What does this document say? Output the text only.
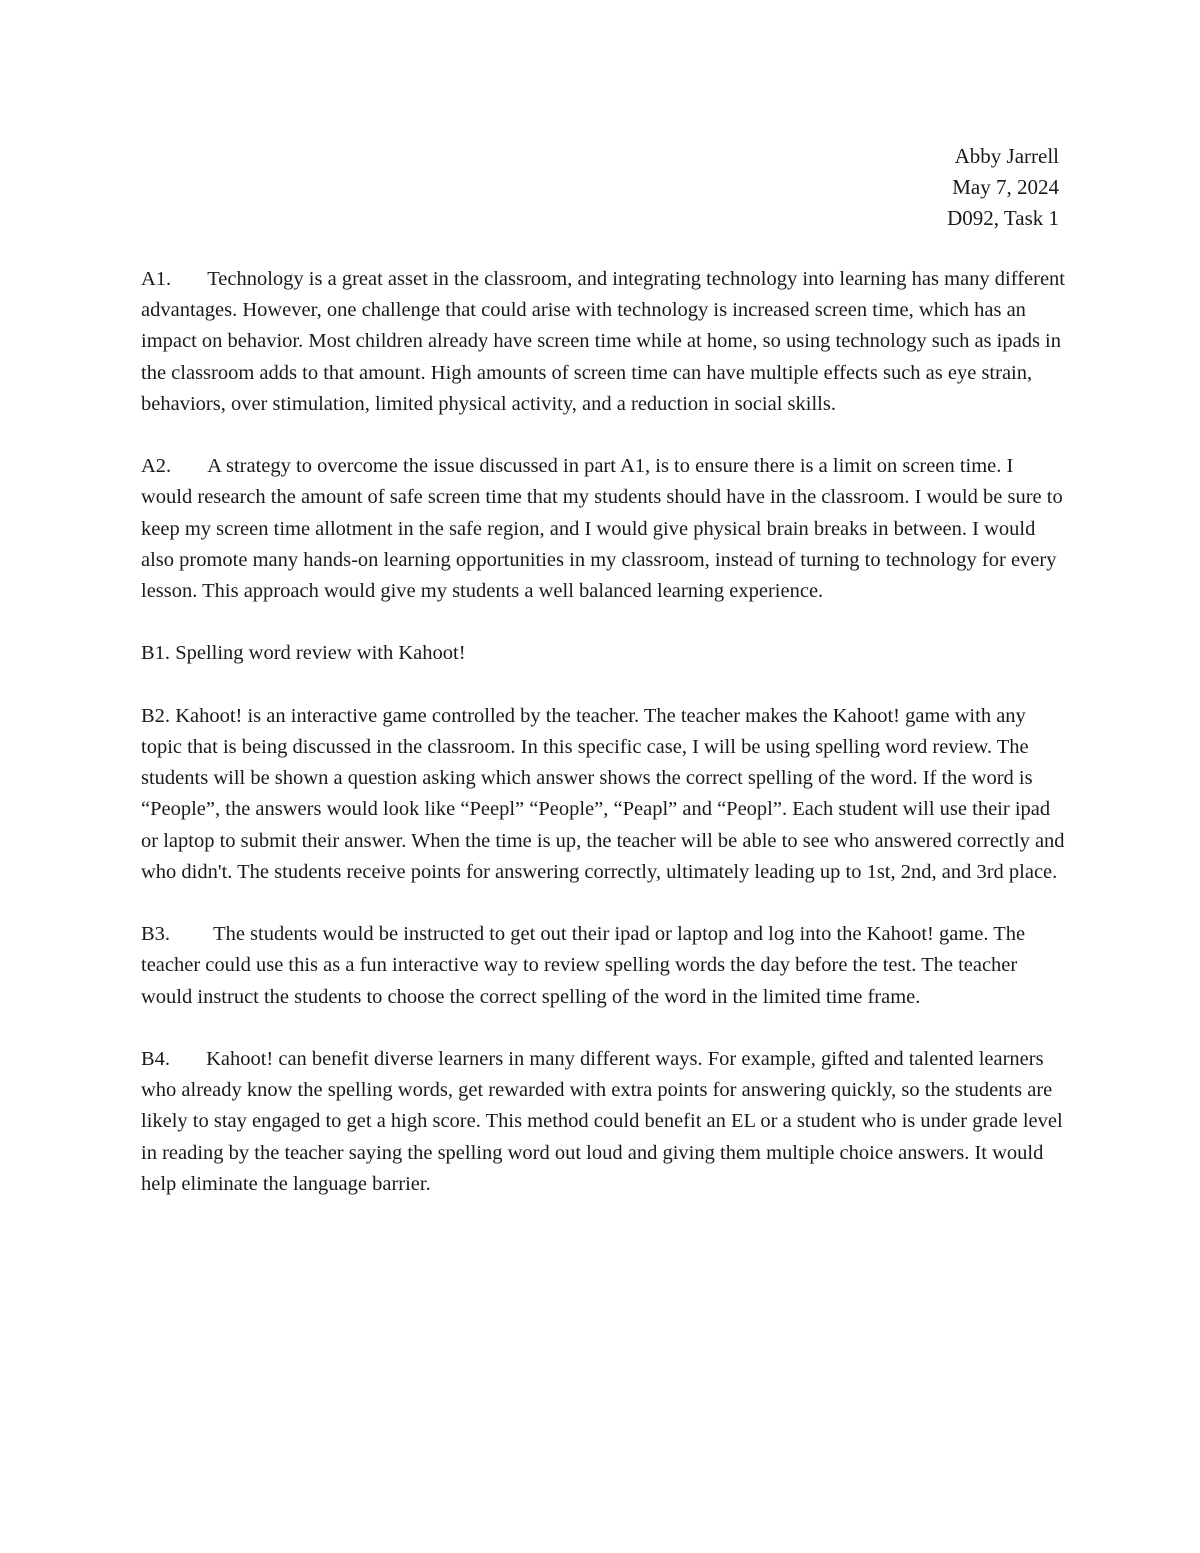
Abby Jarrell
May 7, 2024
D092, Task 1

A1. Technology is a great asset in the classroom, and integrating technology into learning has many different advantages. However, one challenge that could arise with technology is increased screen time, which has an impact on behavior. Most children already have screen time while at home, so using technology such as ipads in the classroom adds to that amount. High amounts of screen time can have multiple effects such as eye strain, behaviors, over stimulation, limited physical activity, and a reduction in social skills.

A2. A strategy to overcome the issue discussed in part A1, is to ensure there is a limit on screen time. I would research the amount of safe screen time that my students should have in the classroom. I would be sure to keep my screen time allotment in the safe region, and I would give physical brain breaks in between. I would also promote many hands-on learning opportunities in my classroom, instead of turning to technology for every lesson. This approach would give my students a well balanced learning experience.

B1. Spelling word review with Kahoot!

B2. Kahoot! is an interactive game controlled by the teacher. The teacher makes the Kahoot! game with any topic that is being discussed in the classroom. In this specific case, I will be using spelling word review. The students will be shown a question asking which answer shows the correct spelling of the word. If the word is “People”, the answers would look like “Peepl” “People”, “Peapl” and “Peopl”. Each student will use their ipad or laptop to submit their answer. When the time is up, the teacher will be able to see who answered correctly and who didn't. The students receive points for answering correctly, ultimately leading up to 1st, 2nd, and 3rd place.

B3. The students would be instructed to get out their ipad or laptop and log into the Kahoot! game. The teacher could use this as a fun interactive way to review spelling words the day before the test. The teacher would instruct the students to choose the correct spelling of the word in the limited time frame.

B4. Kahoot! can benefit diverse learners in many different ways. For example, gifted and talented learners who already know the spelling words, get rewarded with extra points for answering quickly, so the students are likely to stay engaged to get a high score. This method could benefit an EL or a student who is under grade level in reading by the teacher saying the spelling word out loud and giving them multiple choice answers. It would help eliminate the language barrier.
